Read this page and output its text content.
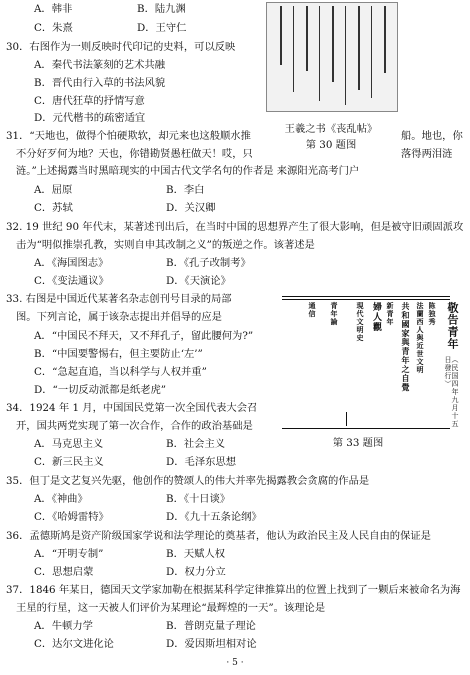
A．韩非	B．陆九渊
C．朱熹	D．王守仁
30．右图作为一则反映时代印记的史料，可以反映
A．秦代书法篆刻的艺术共融
B．晋代由行入草的书法风貌
C．唐代狂草的抒情写意
D．元代楷书的疏密适宜
王羲之书《丧乱帖》
第 30 题图
31．“天地也，做得个怕硬欺软，却元来也这般顺水推	船。地也，你
不分好歹何为地？天也，你错勘贤愚枉做天！哎，只	落得两泪涟
涟。”上述揭露当时黑暗现实的中国古代文学名句的作者是 来源阳光高考门户
A．屈原	B．李白
C．苏轼	D．关汉卿
32. 19 世纪 90 年代末，某著述刊出后，在当时中国的思想界产生了很大影响，但是被守旧顽固派攻
击为“明似推崇孔教，实则自申其改制之义”的叛逆之作。该著述是
A．《海国图志》	B．《孔子改制考》
C．《变法通议》	D．《天演论》
33. 右图是中国近代某著名杂志创刊号目录的局部
图。下列言论，属于该杂志提出并倡导的应是
A．“中国民不拜天，又不拜孔子，留此腰何为?”
B．“中国要警惕右，但主要防止‘左’”
C．“急起直追，当以科学与人权并重”
D．“一切反动派都是纸老虎”
敬告青年
（民国四年九月十五日發行）
陈独秀
法蘭西人與近世文明
共和國家與青年之自覺
新青年
婦人觀
現代文明史
青年論
通信
第 33 题图
34．1924 年 1 月，中国国民党第一次全国代表大会召
开，国共两党实现了第一次合作，合作的政治基础是
A．马克思主义	B．社会主义
C．新三民主义	D．毛泽东思想
35．但丁是文艺复兴先驱，他创作的赞颂人的伟大并率先揭露教会贪腐的作品是
A．《神曲》	B．《十日谈》
C．《哈姆雷特》	D．《九十五条论纲》
36．孟德斯鸠是资产阶级国家学说和法学理论的奠基者，他认为政治民主及人民自由的保证是
A．“开明专制”	B．天赋人权
C．思想启蒙	D．权力分立
37．1846 年某日，德国天文学家加勒在根据某科学定律推算出的位置上找到了一颗后来被命名为海
王星的行星，这一天被人们评价为某理论“最辉煌的一天”。该理论是
A．牛顿力学	B．普朗克量子理论
C．达尔文进化论	D．爱因斯坦相对论
· 5 ·
